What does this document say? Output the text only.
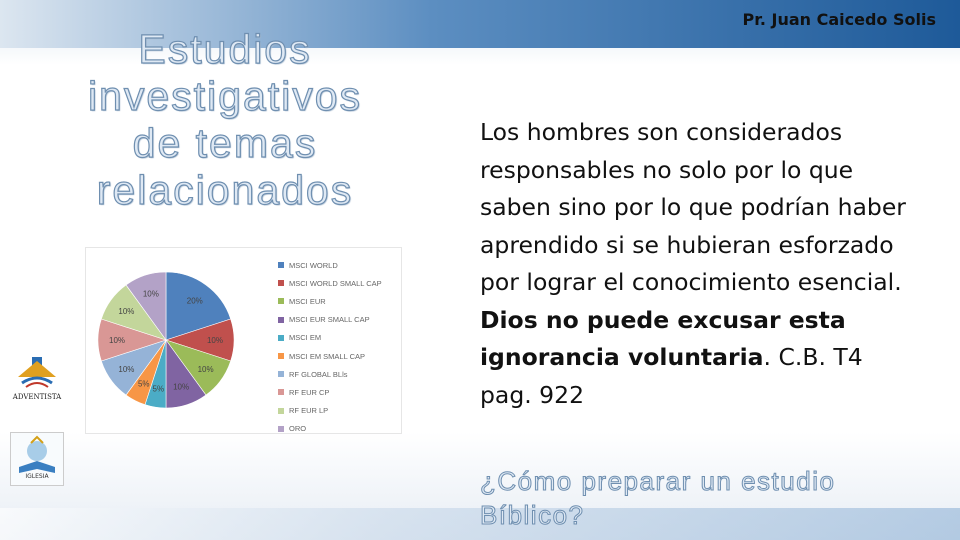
Pr. Juan Caicedo Solis
Estudios
investigativos
de temas
relacionados
20%
10%
10%
10%
5%
5%
10%
10%
10%
10%
MSCI WORLD
MSCI WORLD SMALL CAP
MSCI EUR
MSCI EUR SMALL CAP
MSCI EM
MSCI EM SMALL CAP
RF GLOBAL BLls
RF EUR CP
RF EUR LP
ORO
ADVENTISTA
IGLESIA
Los hombres son considerados responsables no solo por lo que saben sino por lo que podrían haber aprendido si se hubieran esforzado por lograr el conocimiento esencial. Dios no puede excusar esta ignorancia voluntaria. C.B. T4 pag. 922
¿Cómo preparar un estudio Bíblico?
